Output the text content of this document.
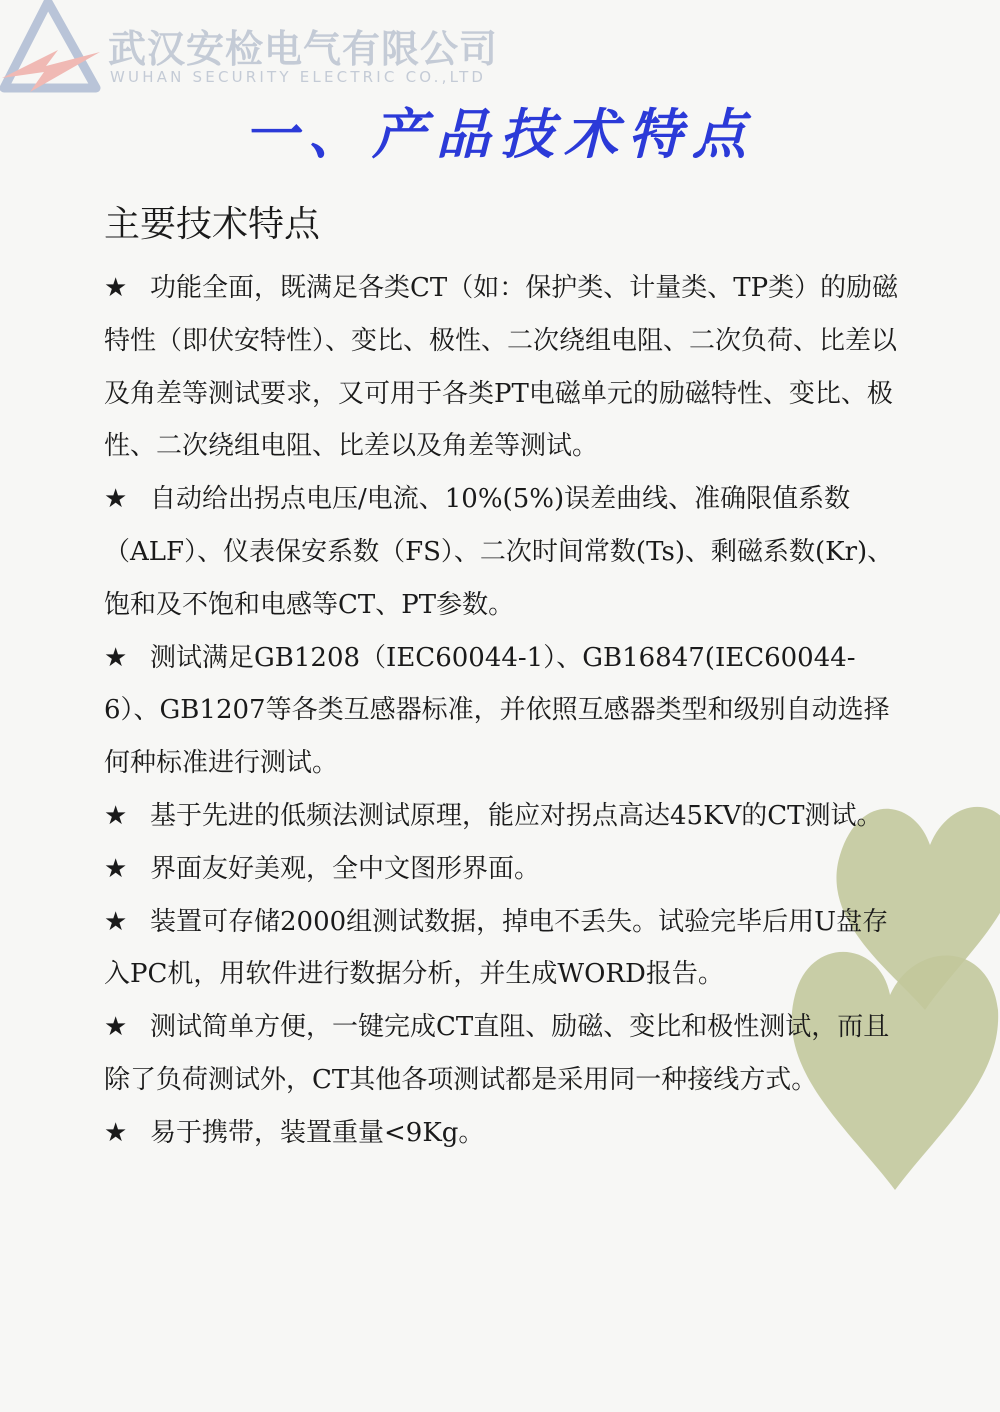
武汉安检电气有限公司
WUHAN SECURITY ELECTRIC CO.,LTD
一、产品技术特点
主要技术特点

★ 功能全面，既满足各类CT（如：保护类、计量类、TP类）的励磁特性（即伏安特性）、变比、极性、二次绕组电阻、二次负荷、比差以及角差等测试要求，又可用于各类PT电磁单元的励磁特性、变比、极性、二次绕组电阻、比差以及角差等测试。

★ 自动给出拐点电压/电流、10%(5%)误差曲线、准确限值系数（ALF）、仪表保安系数（FS）、二次时间常数(Ts)、剩磁系数(Kr)、饱和及不饱和电感等CT、PT参数。

★ 测试满足GB1208（IEC60044-1）、GB16847(IEC60044-6）、GB1207等各类互感器标准，并依照互感器类型和级别自动选择何种标准进行测试。

★ 基于先进的低频法测试原理，能应对拐点高达45KV的CT测试。

★ 界面友好美观，全中文图形界面。

★ 装置可存储2000组测试数据，掉电不丢失。试验完毕后用U盘存入PC机，用软件进行数据分析，并生成WORD报告。

★ 测试简单方便，一键完成CT直阻、励磁、变比和极性测试，而且除了负荷测试外，CT其他各项测试都是采用同一种接线方式。

★ 易于携带，装置重量<9Kg。
